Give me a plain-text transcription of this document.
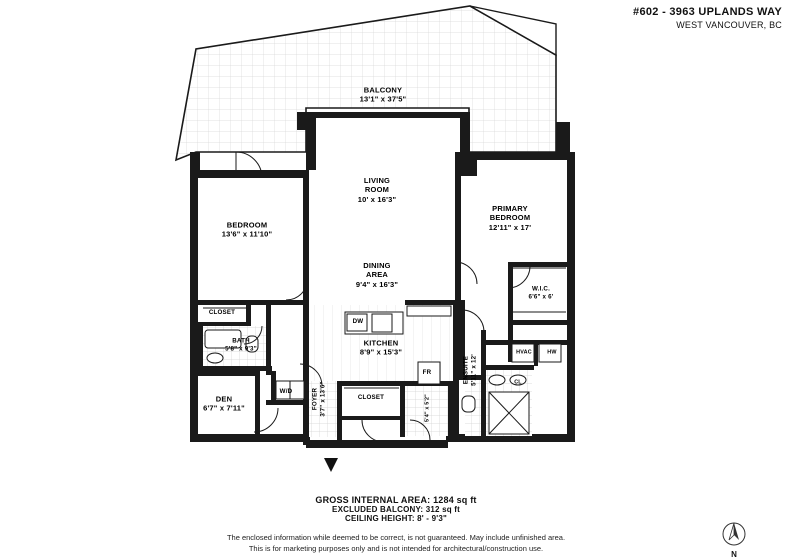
#602 - 3963 UPLANDS WAY
WEST VANCOUVER, BC
BALCONY
13'1" x 37'5"
LIVING
ROOM
10' x 16'3"
DINING
AREA
9'4" x 16'3"
PRIMARY
BEDROOM
12'11" x 17'
BEDROOM
13'6" x 11'10"
KITCHEN
8'9" x 15'3"
DEN
6'7" x 7'11"
BATH
5'8" x 9'3"
CLOSET
CLOSET
W.I.C.
6'6" x 6'
W/D
DW
FR
HVAC	HW
CL
FOYER 3'7" x 13'6"
ENSUITE 5'11" x 12'
5'4" x 5'2"
GROSS INTERNAL AREA: 1284 sq ft
EXCLUDED BALCONY: 312 sq ft
CEILING HEIGHT: 8' - 9'3"
The enclosed information while deemed to be correct, is not guaranteed. May include unfinished area.
This is for marketing purposes only and is not intended for architectural/construction use.
N
